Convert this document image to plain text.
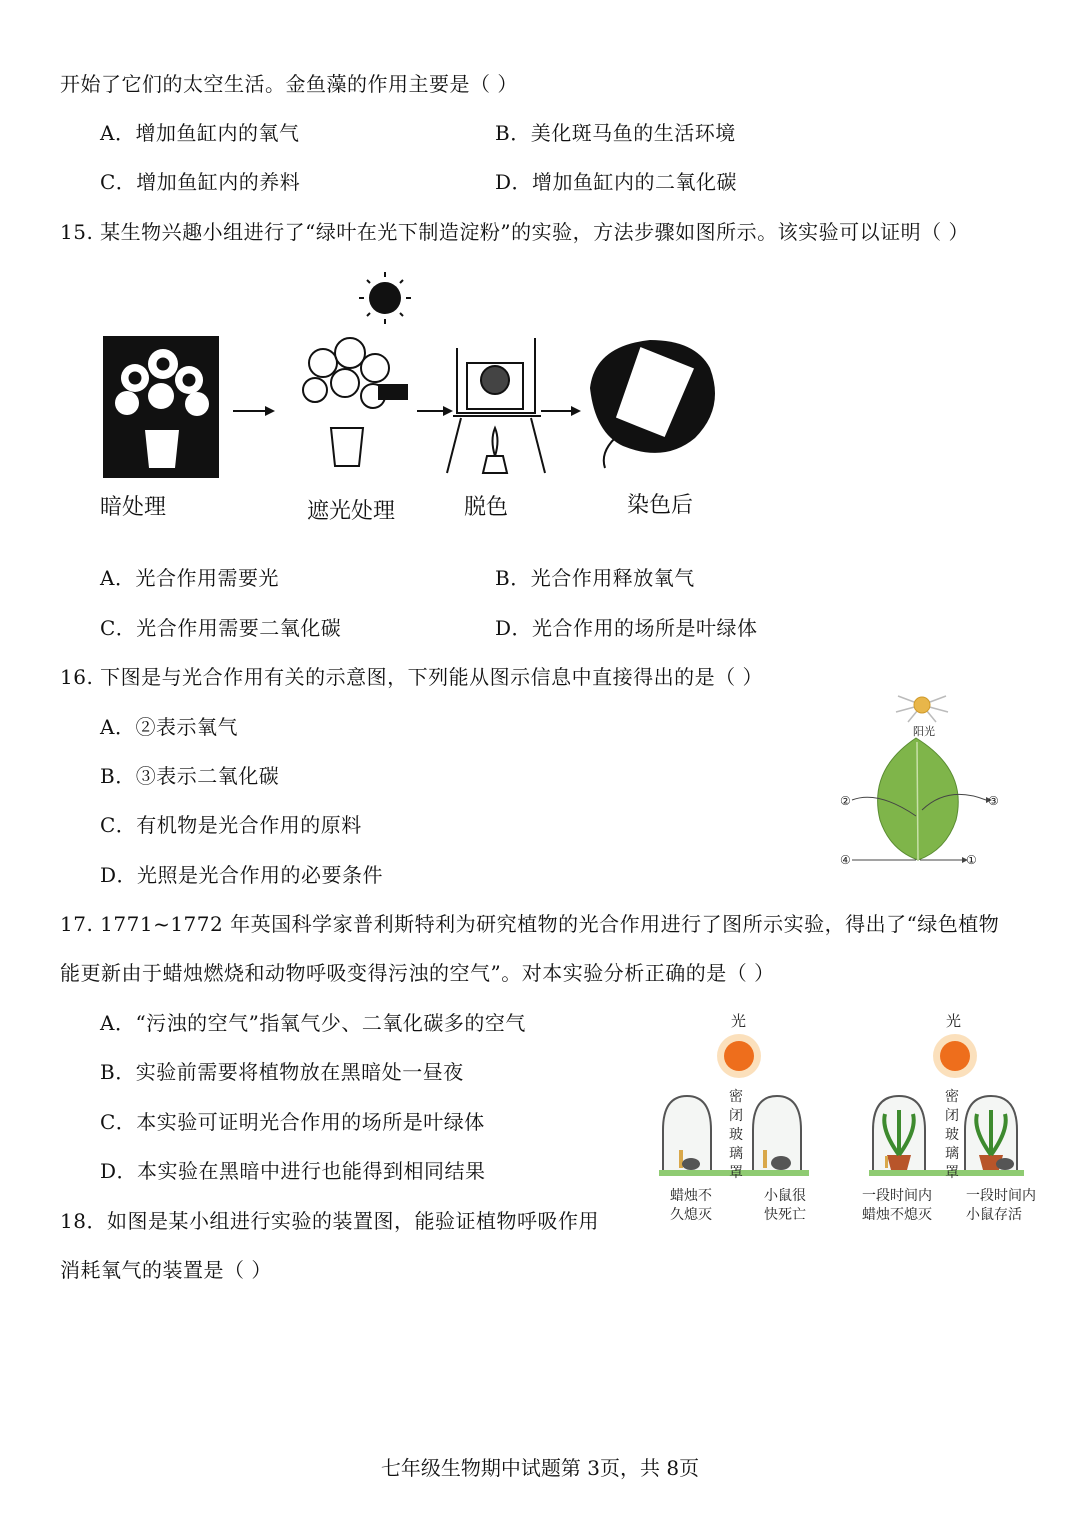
开始了它们的太空生活。金鱼藻的作用主要是（ ）
A．增加鱼缸内的氧气	B．美化斑马鱼的生活环境
C．增加鱼缸内的养料	D．增加鱼缸内的二氧化碳
15. 某生物兴趣小组进行了“绿叶在光下制造淀粉”的实验，方法步骤如图所示。该实验可以证明（ ）
暗处理	遮光处理	脱色	染色后
A．光合作用需要光	B．光合作用释放氧气
C．光合作用需要二氧化碳	D．光合作用的场所是叶绿体
16. 下图是与光合作用有关的示意图，下列能从图示信息中直接得出的是（ ）
A．②表示氧气
B．③表示二氧化碳
C．有机物是光合作用的原料
D．光照是光合作用的必要条件
阳光
②	③
④	①
17. 1771~1772 年英国科学家普利斯特利为研究植物的光合作用进行了图所示实验，得出了“绿色植物
能更新由于蜡烛燃烧和动物呼吸变得污浊的空气”。对本实验分析正确的是（ ）
A．“污浊的空气”指氧气少、二氧化碳多的空气
B．实验前需要将植物放在黑暗处一昼夜
C．本实验可证明光合作用的场所是叶绿体
D．本实验在黑暗中进行也能得到相同结果
光	光
密闭玻璃罩
密闭玻璃罩
蜡烛不
久熄灭
小鼠很
快死亡
一段时间内
蜡烛不熄灭
一段时间内
小鼠存活
18．如图是某小组进行实验的装置图，能验证植物呼吸作用
消耗氧气的装置是（ ）
七年级生物期中试题第 3页，共 8页
